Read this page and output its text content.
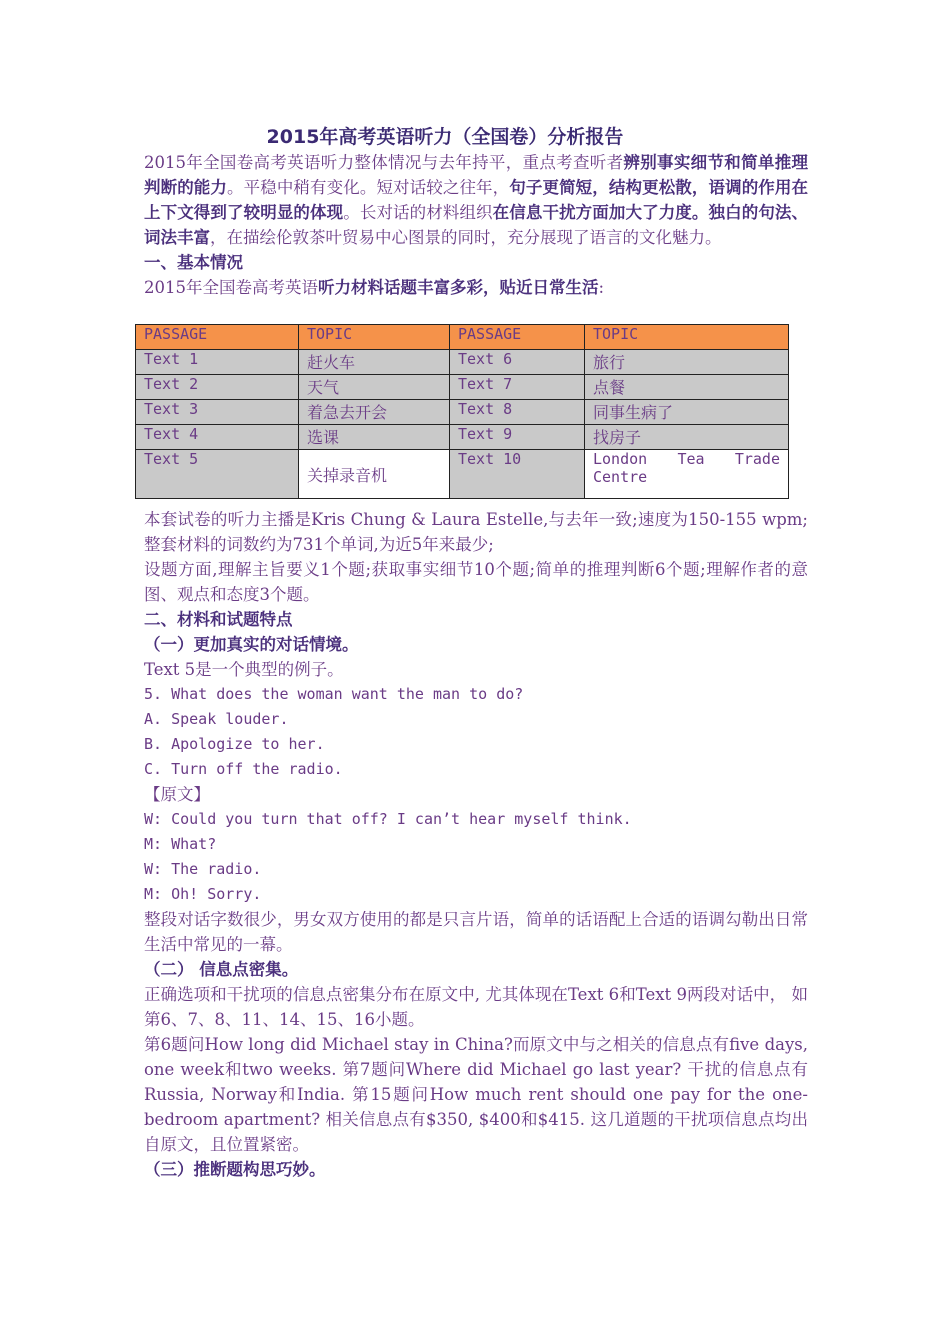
2015年高考英语听力（全国卷）分析报告

2015年全国卷高考英语听力整体情况与去年持平，重点考查听者辨别事实细节和简单推理判断的能力。平稳中稍有变化。短对话较之往年，句子更简短，结构更松散，语调的作用在上下文得到了较明显的体现。长对话的材料组织在信息干扰方面加大了力度。独白的句法、词法丰富，在描绘伦敦茶叶贸易中心图景的同时，充分展现了语言的文化魅力。

一、基本情况

2015年全国卷高考英语听力材料话题丰富多彩，贴近日常生活:

PASSAGE	TOPIC	PASSAGE	TOPIC
Text 1	赶火车	Text 6	旅行
Text 2	天气	Text 7	点餐
Text 3	着急去开会	Text 8	同事生病了
Text 4	选课	Text 9	找房子
Text 5	关掉录音机	Text 10	London Tea Trade Centre

本套试卷的听力主播是Kris Chung & Laura Estelle,与去年一致;速度为150-155 wpm; 整套材料的词数约为731个单词,为近5年来最少;

设题方面,理解主旨要义1个题;获取事实细节10个题;简单的推理判断6个题;理解作者的意图、观点和态度3个题。

二、材料和试题特点

（一）更加真实的对话情境。

Text 5是一个典型的例子。

5. What does the woman want the man to do?

A. Speak louder.

B. Apologize to her.

C. Turn off the radio.

【原文】

W: Could you turn that off? I can’t hear myself think.

M: What?

W: The radio.

M: Oh! Sorry.

整段对话字数很少，男女双方使用的都是只言片语，简单的话语配上合适的语调勾勒出日常生活中常见的一幕。

（二） 信息点密集。

正确选项和干扰项的信息点密集分布在原文中, 尤其体现在Text 6和Text 9两段对话中， 如第6、7、8、11、14、15、16小题。

第6题问How long did Michael stay in China?而原文中与之相关的信息点有five days, one week和two weeks. 第7题问Where did Michael go last year? 干扰的信息点有Russia, Norway和India. 第15题问How much rent should one pay for the one-bedroom apartment? 相关信息点有$350, $400和$415. 这几道题的干扰项信息点均出自原文，且位置紧密。

（三）推断题构思巧妙。
